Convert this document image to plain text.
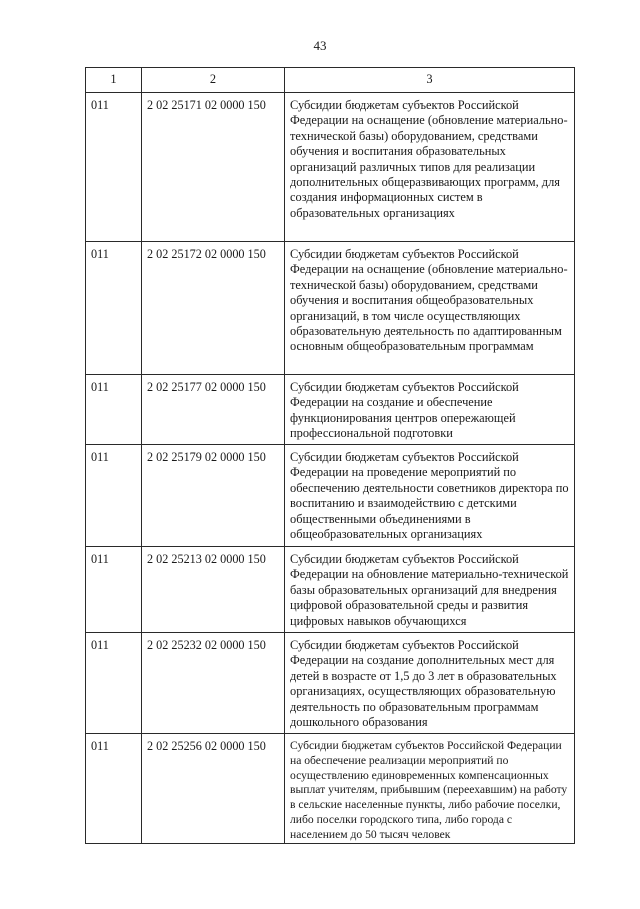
43
1	2	3
011	2 02 25171 02 0000 150	Субсидии бюджетам субъектов Российской Федерации на оснащение (обновление материально-технической базы) оборудованием, средствами обучения и воспитания образовательных организаций различных типов для реализации дополнительных общеразвивающих программ, для создания информационных систем в образовательных организациях
011	2 02 25172 02 0000 150	Субсидии бюджетам субъектов Российской Федерации на оснащение (обновление материально-технической базы) оборудованием, средствами обучения и воспитания общеобразовательных организаций, в том числе осуществляющих образовательную деятельность по адаптированным основным общеобразовательным программам
011	2 02 25177 02 0000 150	Субсидии бюджетам субъектов Российской Федерации на создание и обеспечение функционирования центров опережающей профессиональной подготовки
011	2 02 25179 02 0000 150	Субсидии бюджетам субъектов Российской Федерации на проведение мероприятий по обеспечению деятельности советников директора по воспитанию и взаимодействию с детскими общественными объединениями в общеобразовательных организациях
011	2 02 25213 02 0000 150	Субсидии бюджетам субъектов Российской Федерации на обновление материально-технической базы образовательных организаций для внедрения цифровой образовательной среды и развития цифровых навыков обучающихся
011	2 02 25232 02 0000 150	Субсидии бюджетам субъектов Российской Федерации на создание дополнительных мест для детей в возрасте от 1,5 до 3 лет в образовательных организациях, осуществляющих образовательную деятельность по образовательным программам дошкольного образования
011	2 02 25256 02 0000 150	Субсидии бюджетам субъектов Российской Федерации на обеспечение реализации мероприятий по осуществлению единовременных компенсационных выплат учителям, прибывшим (переехавшим) на работу в сельские населенные пункты, либо рабочие поселки, либо поселки городского типа, либо города с населением до 50 тысяч человек
